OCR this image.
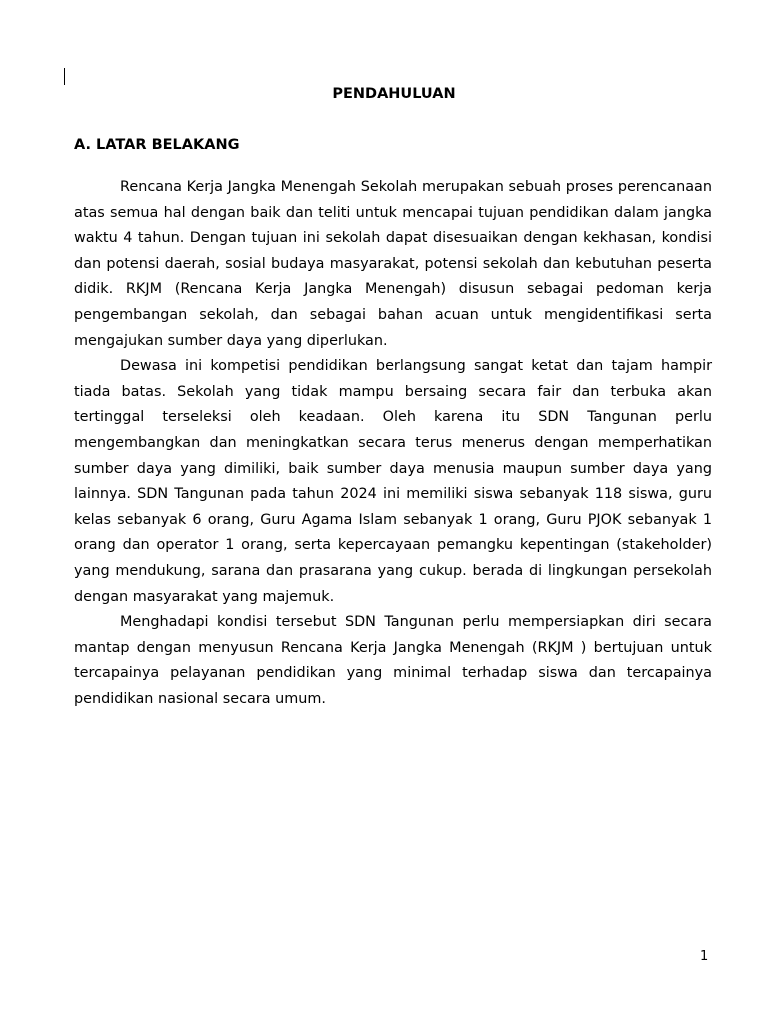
PENDAHULUAN
A. LATAR BELAKANG

Rencana Kerja Jangka Menengah Sekolah merupakan sebuah proses perencanaan atas semua hal dengan baik dan teliti untuk mencapai tujuan pendidikan dalam jangka waktu 4 tahun. Dengan tujuan ini sekolah dapat disesuaikan dengan kekhasan, kondisi dan potensi daerah, sosial budaya masyarakat, potensi sekolah dan kebutuhan peserta didik. RKJM (Rencana Kerja Jangka Menengah) disusun sebagai pedoman kerja pengembangan sekolah, dan sebagai bahan acuan untuk mengidentifikasi serta mengajukan sumber daya yang diperlukan.

Dewasa ini kompetisi pendidikan berlangsung sangat ketat dan tajam hampir tiada batas. Sekolah yang tidak mampu bersaing secara fair dan terbuka akan tertinggal terseleksi oleh keadaan. Oleh karena itu SDN Tangunan perlu mengembangkan dan meningkatkan secara terus menerus dengan memperhatikan sumber daya yang dimiliki, baik sumber daya menusia maupun sumber daya yang lainnya. SDN Tangunan pada tahun 2024 ini memiliki siswa sebanyak 118 siswa, guru kelas sebanyak 6 orang, Guru Agama Islam sebanyak 1 orang, Guru PJOK sebanyak 1 orang dan operator 1 orang, serta kepercayaan pemangku kepentingan (stakeholder) yang mendukung, sarana dan prasarana yang cukup. berada di lingkungan persekolah dengan masyarakat yang majemuk.

Menghadapi kondisi tersebut SDN Tangunan perlu mempersiapkan diri secara mantap dengan menyusun Rencana Kerja Jangka Menengah (RKJM ) bertujuan untuk tercapainya pelayanan pendidikan yang minimal terhadap siswa dan tercapainya pendidikan nasional secara umum.

1
